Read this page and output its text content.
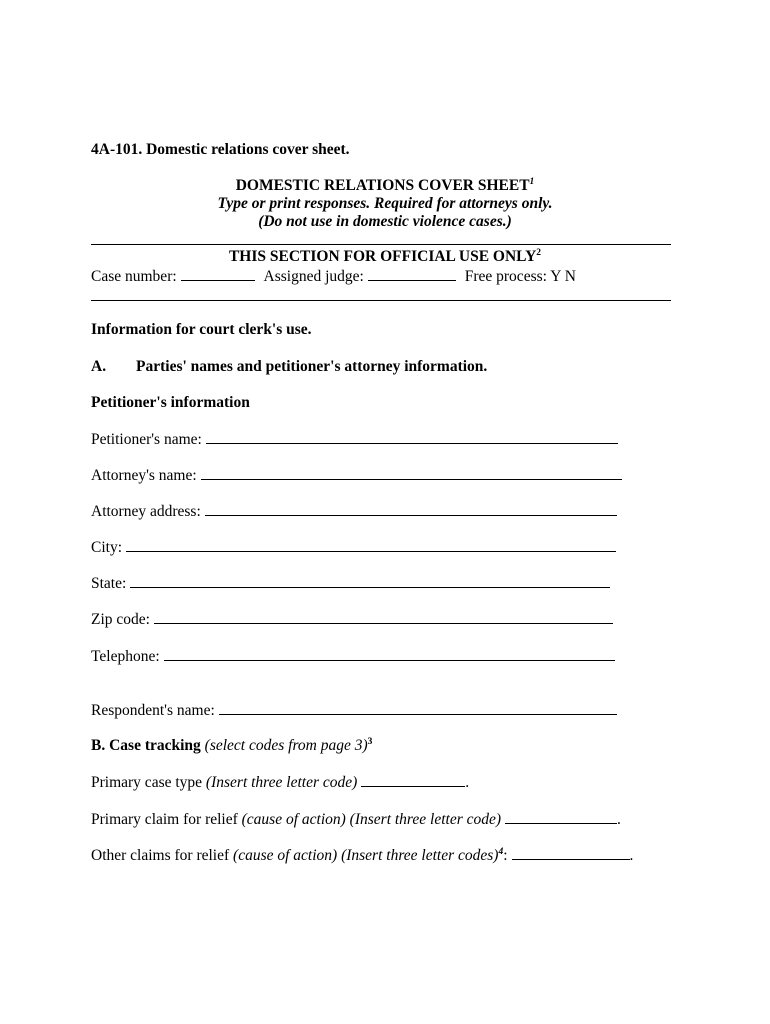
4A-101. Domestic relations cover sheet.
DOMESTIC RELATIONS COVER SHEET$^1$
Type or print responses. Required for attorneys only.
(Do not use in domestic violence cases.)
THIS SECTION FOR OFFICIAL USE ONLY$^2$
Case number:	Assigned judge:	Free process: Y N
Information for court clerk's use.
A. Parties' names and petitioner's attorney information.
Petitioner's information
Petitioner's name:
Attorney's name:
Attorney address:
City:
State:
Zip code:
Telephone:
Respondent's name:
B. Case tracking (select codes from page 3)$^3$
Primary case type (Insert three letter code)	.
Primary claim for relief (cause of action) (Insert three letter code)	.
Other claims for relief (cause of action) (Insert three letter codes)$^4$:	.
